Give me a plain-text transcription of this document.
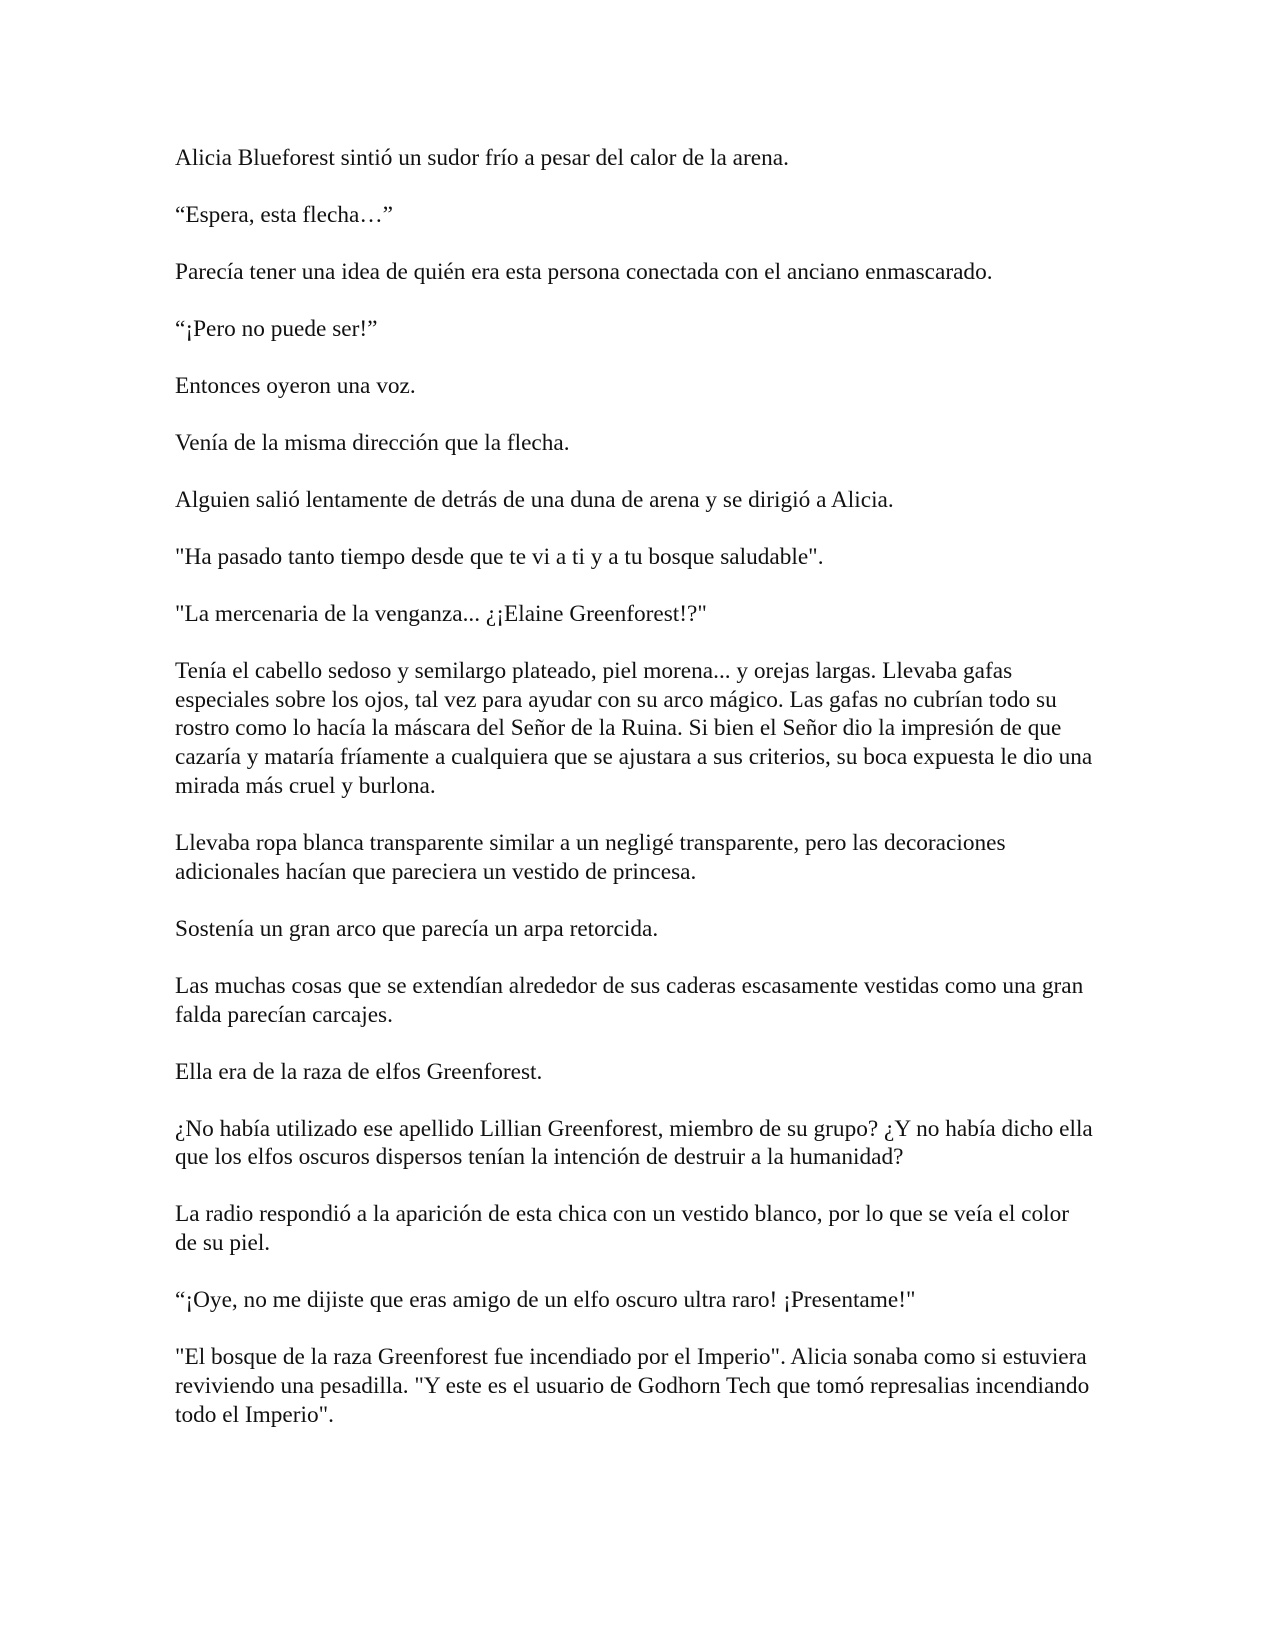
Alicia Blueforest sintió un sudor frío a pesar del calor de la arena.

“Espera, esta flecha…”

Parecía tener una idea de quién era esta persona conectada con el anciano enmascarado.

“¡Pero no puede ser!”

Entonces oyeron una voz.

Venía de la misma dirección que la flecha.

Alguien salió lentamente de detrás de una duna de arena y se dirigió a Alicia.

"Ha pasado tanto tiempo desde que te vi a ti y a tu bosque saludable".

"La mercenaria de la venganza... ¿¡Elaine Greenforest!?"

Tenía el cabello sedoso y semilargo plateado, piel morena... y orejas largas. Llevaba gafas especiales sobre los ojos, tal vez para ayudar con su arco mágico. Las gafas no cubrían todo su rostro como lo hacía la máscara del Señor de la Ruina. Si bien el Señor dio la impresión de que cazaría y mataría fríamente a cualquiera que se ajustara a sus criterios, su boca expuesta le dio una mirada más cruel y burlona.

Llevaba ropa blanca transparente similar a un negligé transparente, pero las decoraciones adicionales hacían que pareciera un vestido de princesa.

Sostenía un gran arco que parecía un arpa retorcida.

Las muchas cosas que se extendían alrededor de sus caderas escasamente vestidas como una gran falda parecían carcajes.

Ella era de la raza de elfos Greenforest.

¿No había utilizado ese apellido Lillian Greenforest, miembro de su grupo? ¿Y no había dicho ella que los elfos oscuros dispersos tenían la intención de destruir a la humanidad?

La radio respondió a la aparición de esta chica con un vestido blanco, por lo que se veía el color de su piel.

“¡Oye, no me dijiste que eras amigo de un elfo oscuro ultra raro! ¡Presentame!"

"El bosque de la raza Greenforest fue incendiado por el Imperio". Alicia sonaba como si estuviera reviviendo una pesadilla. "Y este es el usuario de Godhorn Tech que tomó represalias incendiando todo el Imperio".
